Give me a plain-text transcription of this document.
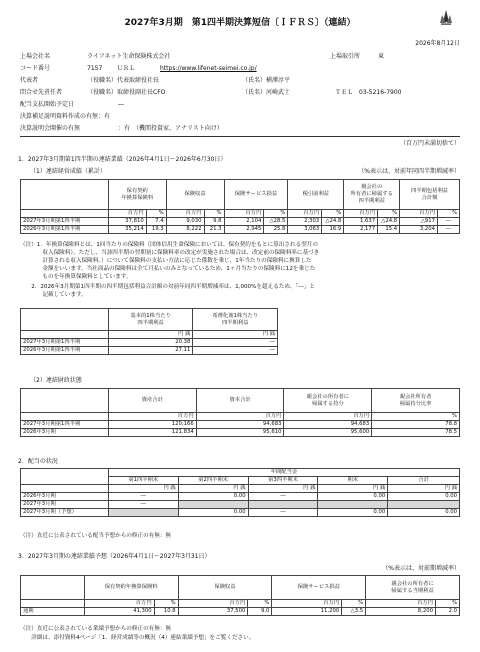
2027年3月期　第1四半期決算短信〔ＩＦＲＳ〕（連結）
2026年8月12日
上場会社名	ライフネット生命保険株式会社	上場取引所	東
コード番号	7157 ＵＲＬ	https://www.lifenet-seimei.co.jp/
代表者	（役職名）代表取締役社長	（氏名）横澤淳平
問合せ先責任者	（役職名）取締役副社長CFO	（氏名）河崎武士	ＴＥＬ　03-5216-7900
配当支払開始予定日	―
決算補足説明資料作成の有無：有
決算説明会開催の有無	：有　（機関投資家、アナリスト向け）
（百万円未満切捨て）
1．2027年3月期第1四半期の連結業績（2026年4月1日～2026年6月30日）
（1）連結経営成績（累計）	（%表示は、対前年同四半期増減率）
	保有契約
年換算保険料		保険収益		保険サービス損益		税引前利益		親会社の
所有者に帰属する
四半期利益		四半期包括利益
合計額	
	百万円	%	百万円	%	百万円	%	百万円	%	百万円	%	百万円	%
2027年3月期第1四半期	37,810	7.4	9,030	9.8	2,104	△28.5	2,303	△24.8	1,637	△24.8	△917	―
2026年3月期第1四半期	35,214	19.3	8,222	21.3	2,945	25.8	3,063	16.9	2,177	15.4	3,204	―
（注）1．年換算保険料とは、1回当たりの保険料（団体信用生命保険においては、保有契約をもとに算出される翌月の
　　　　収入保険料）。ただし、当該四半期の翌期初に保険料率の改定が実施された場合は、改定前の保険料率に基づき
　　　　計算される収入保険料。）について保険料の支払い方法に応じた係数を乗じ、1年当たりの保険料に換算した
　　　　金額をいいます。当社商品の保険料は全て月払いのみとなっているため、1ヶ月当たりの保険料に12を乗じた
　　　　ものを年換算保険料としています。
　　2．2026年3月期第1四半期の四半期包括利益合計額の対前年同四半期増減率は、1,000%を超えるため、「―」と
　　　　記載しています。
	基本的1株当たり
四半期利益	希薄化後1株当たり
四半期利益
	円 銭	円 銭
2027年3月期第1四半期	20.38	―
2026年3月期第1四半期	27.11	―
（2）連結財政状態
	資産合計	資本合計	親会社の所有者に
帰属する持分	親会社所有者
帰属持分比率
	百万円	百万円	百万円	%
2027年3月期第1四半期	120,166	94,683	94,683	78.8
2026年3月期	121,834	95,610	95,600	78.5
2．配当の状況
	年間配当金				
	第1四半期末	第2四半期末	第3四半期末	期末	合計
	円 銭	円 銭	円 銭	円 銭	円 銭
2026年3月期	―	0.00	―	0.00	0.00
2027年3月期	―				
2027年3月期（予想）		0.00	―	0.00	0.00
（注）直近に公表されている配当予想からの修正の有無：無
3．2027年3月期の連結業績予想（2026年4月1日～2027年3月31日）
（%表示は、対前期増減率）
	保有契約年換算保険料		保険収益		保険サービス損益		親会社の所有者に
帰属する当期利益	
	百万円	%	百万円	%	百万円	%	百万円	%
通期	41,300	10.8	37,500	9.0	11,200	△3.5	8,200	2.0
（注）直近に公表されている業績予想からの修正の有無：無
　　詳細は、添付資料4ページ「1．経営成績等の概況（4）連結業績予想」をご覧ください。
